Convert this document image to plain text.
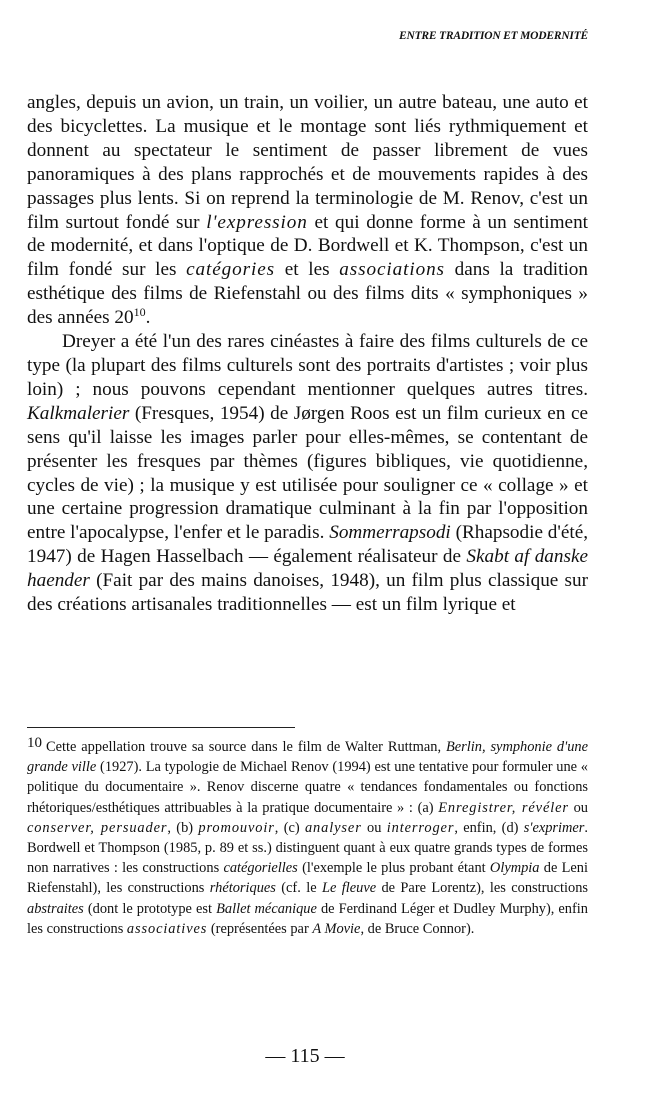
ENTRE TRADITION ET MODERNITÉ

angles, depuis un avion, un train, un voilier, un autre bateau, une auto et des bicyclettes. La musique et le montage sont liés rythmiquement et donnent au spectateur le sentiment de passer librement de vues panoramiques à des plans rapprochés et de mouvements rapides à des passages plus lents. Si on reprend la terminologie de M. Renov, c'est un film surtout fondé sur l'expression et qui donne forme à un sentiment de modernité, et dans l'optique de D. Bordwell et K. Thompson, c'est un film fondé sur les catégories et les associations dans la tradition esthétique des films de Riefenstahl ou des films dits « symphoniques » des années $20^{10}$.

Dreyer a été l'un des rares cinéastes à faire des films culturels de ce type (la plupart des films culturels sont des portraits d'artistes ; voir plus loin) ; nous pouvons cependant mentionner quelques autres titres. Kalkmalerier (Fresques, 1954) de Jørgen Roos est un film curieux en ce sens qu'il laisse les images parler pour elles-mêmes, se contentant de présenter les fresques par thèmes (figures bibliques, vie quotidienne, cycles de vie) ; la musique y est utilisée pour souligner ce « collage » et une certaine progression dramatique culminant à la fin par l'opposition entre l'apocalypse, l'enfer et le paradis. Sommerrapsodi (Rhapsodie d'été, 1947) de Hagen Hasselbach — également réalisateur de Skabt af danske haender (Fait par des mains danoises, 1948), un film plus classique sur des créations artisanales traditionnelles — est un film lyrique et

10 Cette appellation trouve sa source dans le film de Walter Ruttman, Berlin, symphonie d'une grande ville (1927). La typologie de Michael Renov (1994) est une tentative pour formuler une « politique du documentaire ». Renov discerne quatre « tendances fondamentales ou fonctions rhétoriques/esthétiques attribuables à la pratique documentaire » : (a) Enregistrer, révéler ou conserver, persuader, (b) promouvoir, (c) analyser ou interroger, enfin, (d) s'exprimer. Bordwell et Thompson (1985, p. 89 et ss.) distinguent quant à eux quatre grands types de formes non narratives : les constructions catégorielles (l'exemple le plus probant étant Olympia de Leni Riefenstahl), les constructions rhétoriques (cf. le Le fleuve de Pare Lorentz), les constructions abstraites (dont le prototype est Ballet mécanique de Ferdinand Léger et Dudley Murphy), enfin les constructions associatives (représentées par A Movie, de Bruce Connor).
— 115 —
